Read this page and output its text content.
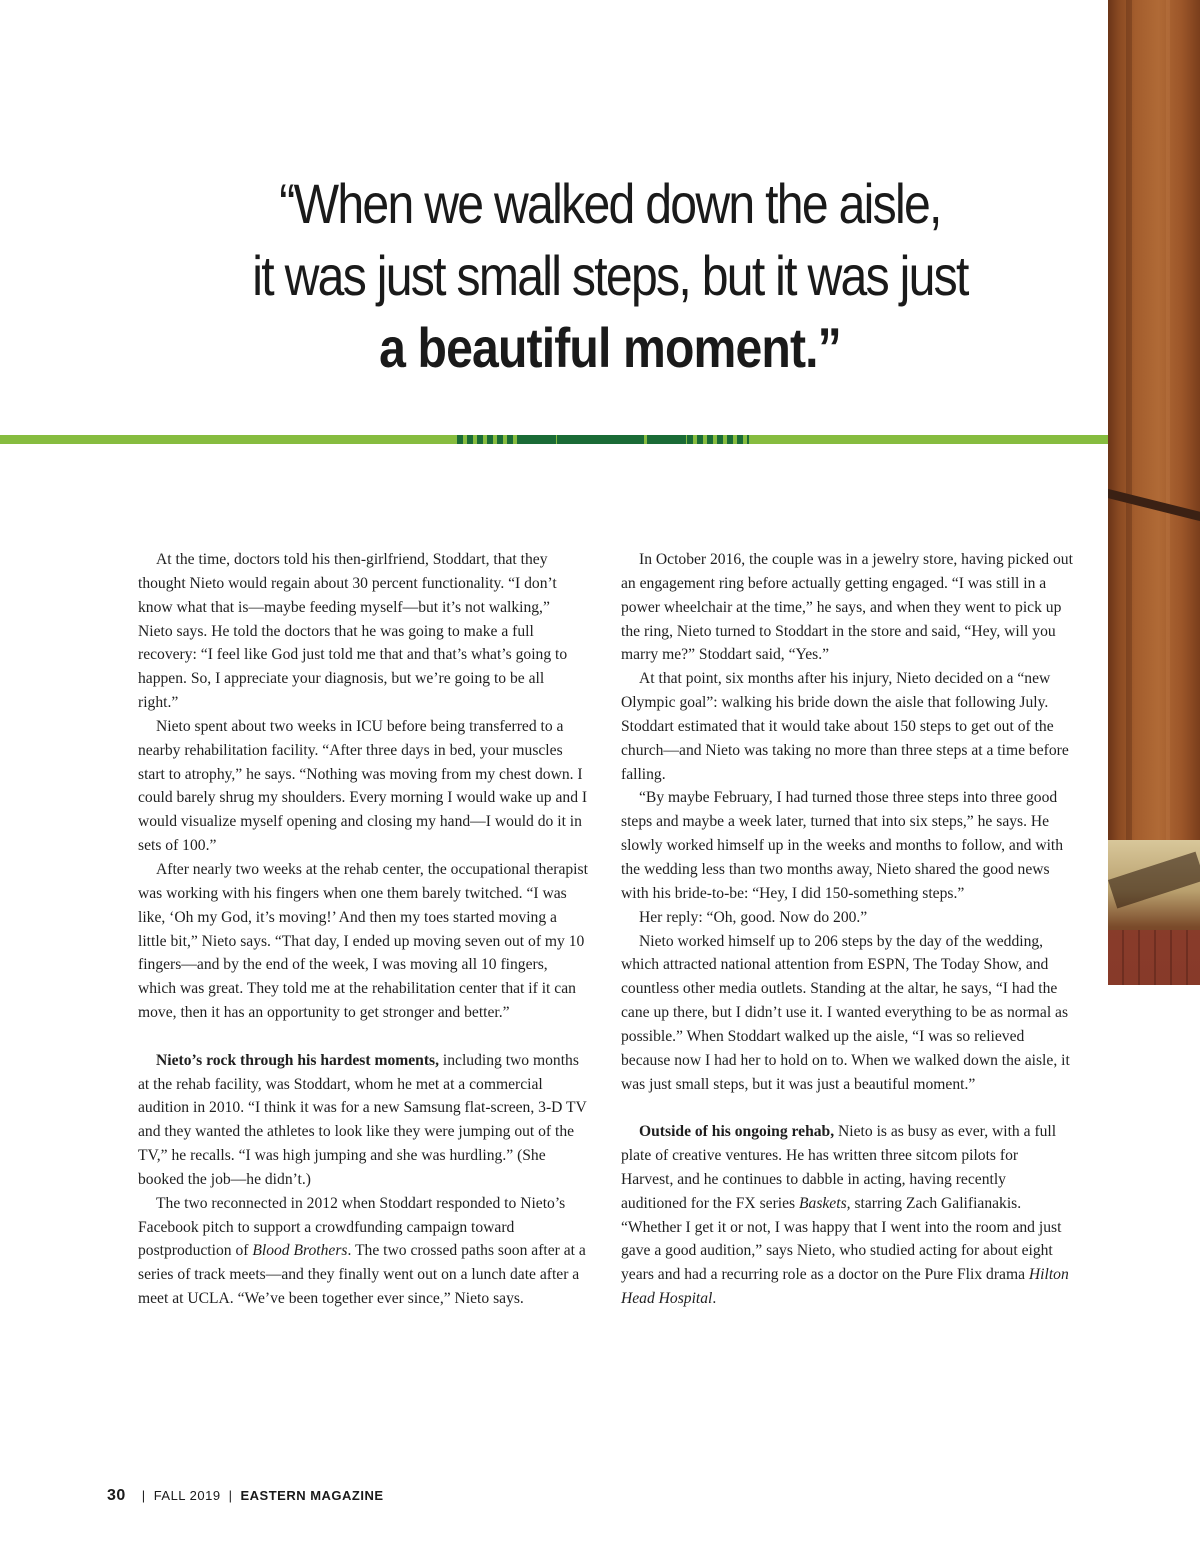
“When we walked down the aisle,
it was just small steps, but it was just
a beautiful moment.”

At the time, doctors told his then-girlfriend, Stoddart, that they thought Nieto would regain about 30 percent functionality. “I don’t know what that is—maybe feeding myself—but it’s not walking,” Nieto says. He told the doctors that he was going to make a full recovery: “I feel like God just told me that and that’s what’s going to happen. So, I appreciate your diagnosis, but we’re going to be all right.”

Nieto spent about two weeks in ICU before being transferred to a nearby rehabilitation facility. “After three days in bed, your muscles start to atrophy,” he says. “Nothing was moving from my chest down. I could barely shrug my shoulders. Every morning I would wake up and I would visualize myself opening and closing my hand—I would do it in sets of 100.”

After nearly two weeks at the rehab center, the occupational therapist was working with his fingers when one them barely twitched. “I was like, ‘Oh my God, it’s moving!’ And then my toes started moving a little bit,” Nieto says. “That day, I ended up moving seven out of my 10 fingers—and by the end of the week, I was moving all 10 fingers, which was great. They told me at the rehabilitation center that if it can move, then it has an opportunity to get stronger and better.”

Nieto’s rock through his hardest moments, including two months at the rehab facility, was Stoddart, whom he met at a commercial audition in 2010. “I think it was for a new Samsung flat-screen, 3-D TV and they wanted the athletes to look like they were jumping out of the TV,” he recalls. “I was high jumping and she was hurdling.” (She booked the job—he didn’t.)

The two reconnected in 2012 when Stoddart responded to Nieto’s Facebook pitch to support a crowdfunding campaign toward postproduction of Blood Brothers. The two crossed paths soon after at a series of track meets—and they finally went out on a lunch date after a meet at UCLA. “We’ve been together ever since,” Nieto says.

In October 2016, the couple was in a jewelry store, having picked out an engagement ring before actually getting engaged. “I was still in a power wheelchair at the time,” he says, and when they went to pick up the ring, Nieto turned to Stoddart in the store and said, “Hey, will you marry me?” Stoddart said, “Yes.”

At that point, six months after his injury, Nieto decided on a “new Olympic goal”: walking his bride down the aisle that following July. Stoddart estimated that it would take about 150 steps to get out of the church—and Nieto was taking no more than three steps at a time before falling.

“By maybe February, I had turned those three steps into three good steps and maybe a week later, turned that into six steps,” he says. He slowly worked himself up in the weeks and months to follow, and with the wedding less than two months away, Nieto shared the good news with his bride-to-be: “Hey, I did 150-something steps.”

Her reply: “Oh, good. Now do 200.”

Nieto worked himself up to 206 steps by the day of the wedding, which attracted national attention from ESPN, The Today Show, and countless other media outlets. Standing at the altar, he says, “I had the cane up there, but I didn’t use it. I wanted everything to be as normal as possible.” When Stoddart walked up the aisle, “I was so relieved because now I had her to hold on to. When we walked down the aisle, it was just small steps, but it was just a beautiful moment.”

Outside of his ongoing rehab, Nieto is as busy as ever, with a full plate of creative ventures. He has written three sitcom pilots for Harvest, and he continues to dabble in acting, having recently auditioned for the FX series Baskets, starring Zach Galifianakis. “Whether I get it or not, I was happy that I went into the room and just gave a good audition,” says Nieto, who studied acting for about eight years and had a recurring role as a doctor on the Pure Flix drama Hilton Head Hospital.

30 | FALL 2019 | EASTERN MAGAZINE
